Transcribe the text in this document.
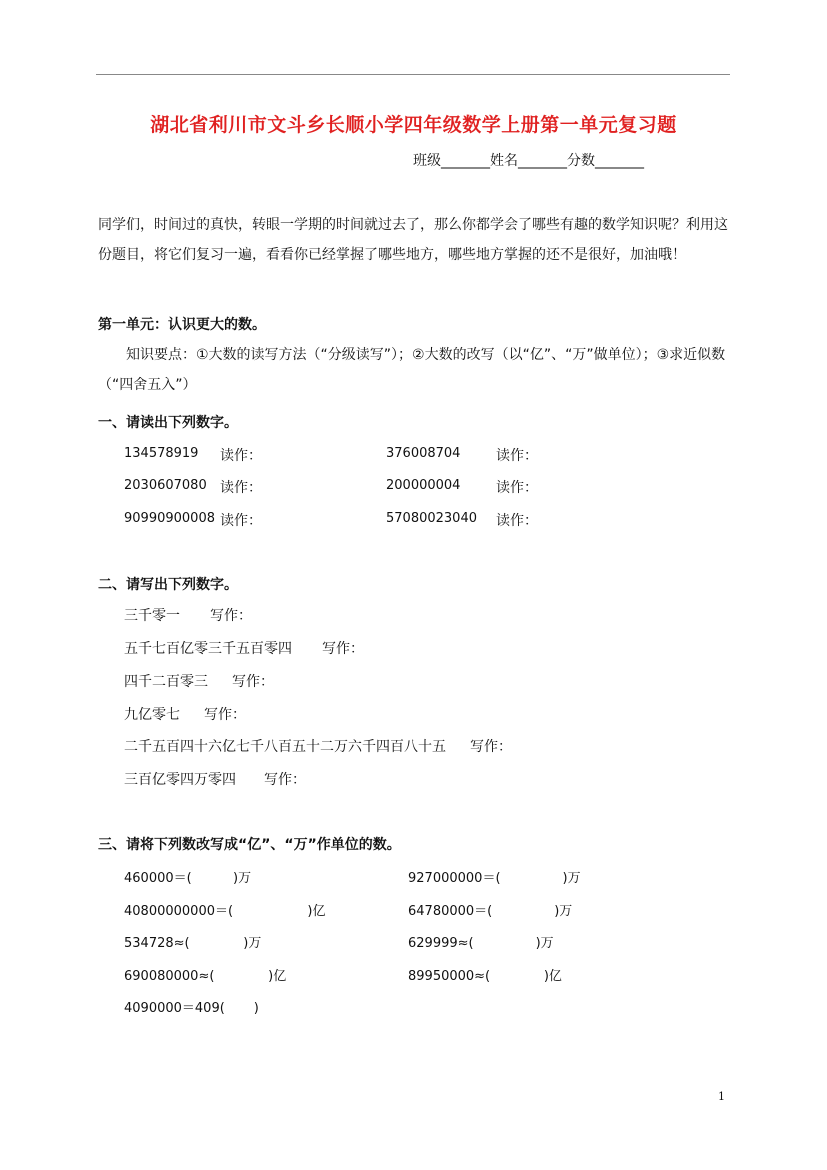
湖北省利川市文斗乡长顺小学四年级数学上册第一单元复习题
班级_______姓名_______分数_______
同学们，时间过的真快，转眼一学期的时间就过去了，那么你都学会了哪些有趣的数学知识呢？利用这份题目，将它们复习一遍，看看你已经掌握了哪些地方，哪些地方掌握的还不是很好，加油哦！
第一单元：认识更大的数。
知识要点：①大数的读写方法（“分级读写”）；②大数的改写（以“亿”、“万”做单位）；③求近似数（“四舍五入”）
一、请读出下列数字。
134578919 读作：	376008704	读作：
2030607080 读作：	200000004	读作：
90990900008 读作：	57080023040 读作：
二、请写出下列数字。
三千零一 写作：
五千七百亿零三千五百零四 写作：
四千二百零三 写作：
九亿零七 写作：
二千五百四十六亿七千八百五十二万六千四百八十五 写作：
三百亿零四万零四 写作：
三、请将下列数改写成“亿”、“万”作单位的数。
460000＝(          )万	927000000＝(               )万
40800000000＝(                  )亿	64780000＝(               )万
534728≈(             )万	629999≈(               )万
690080000≈(             )亿	89950000≈(             )亿
4090000＝409(       )
1
